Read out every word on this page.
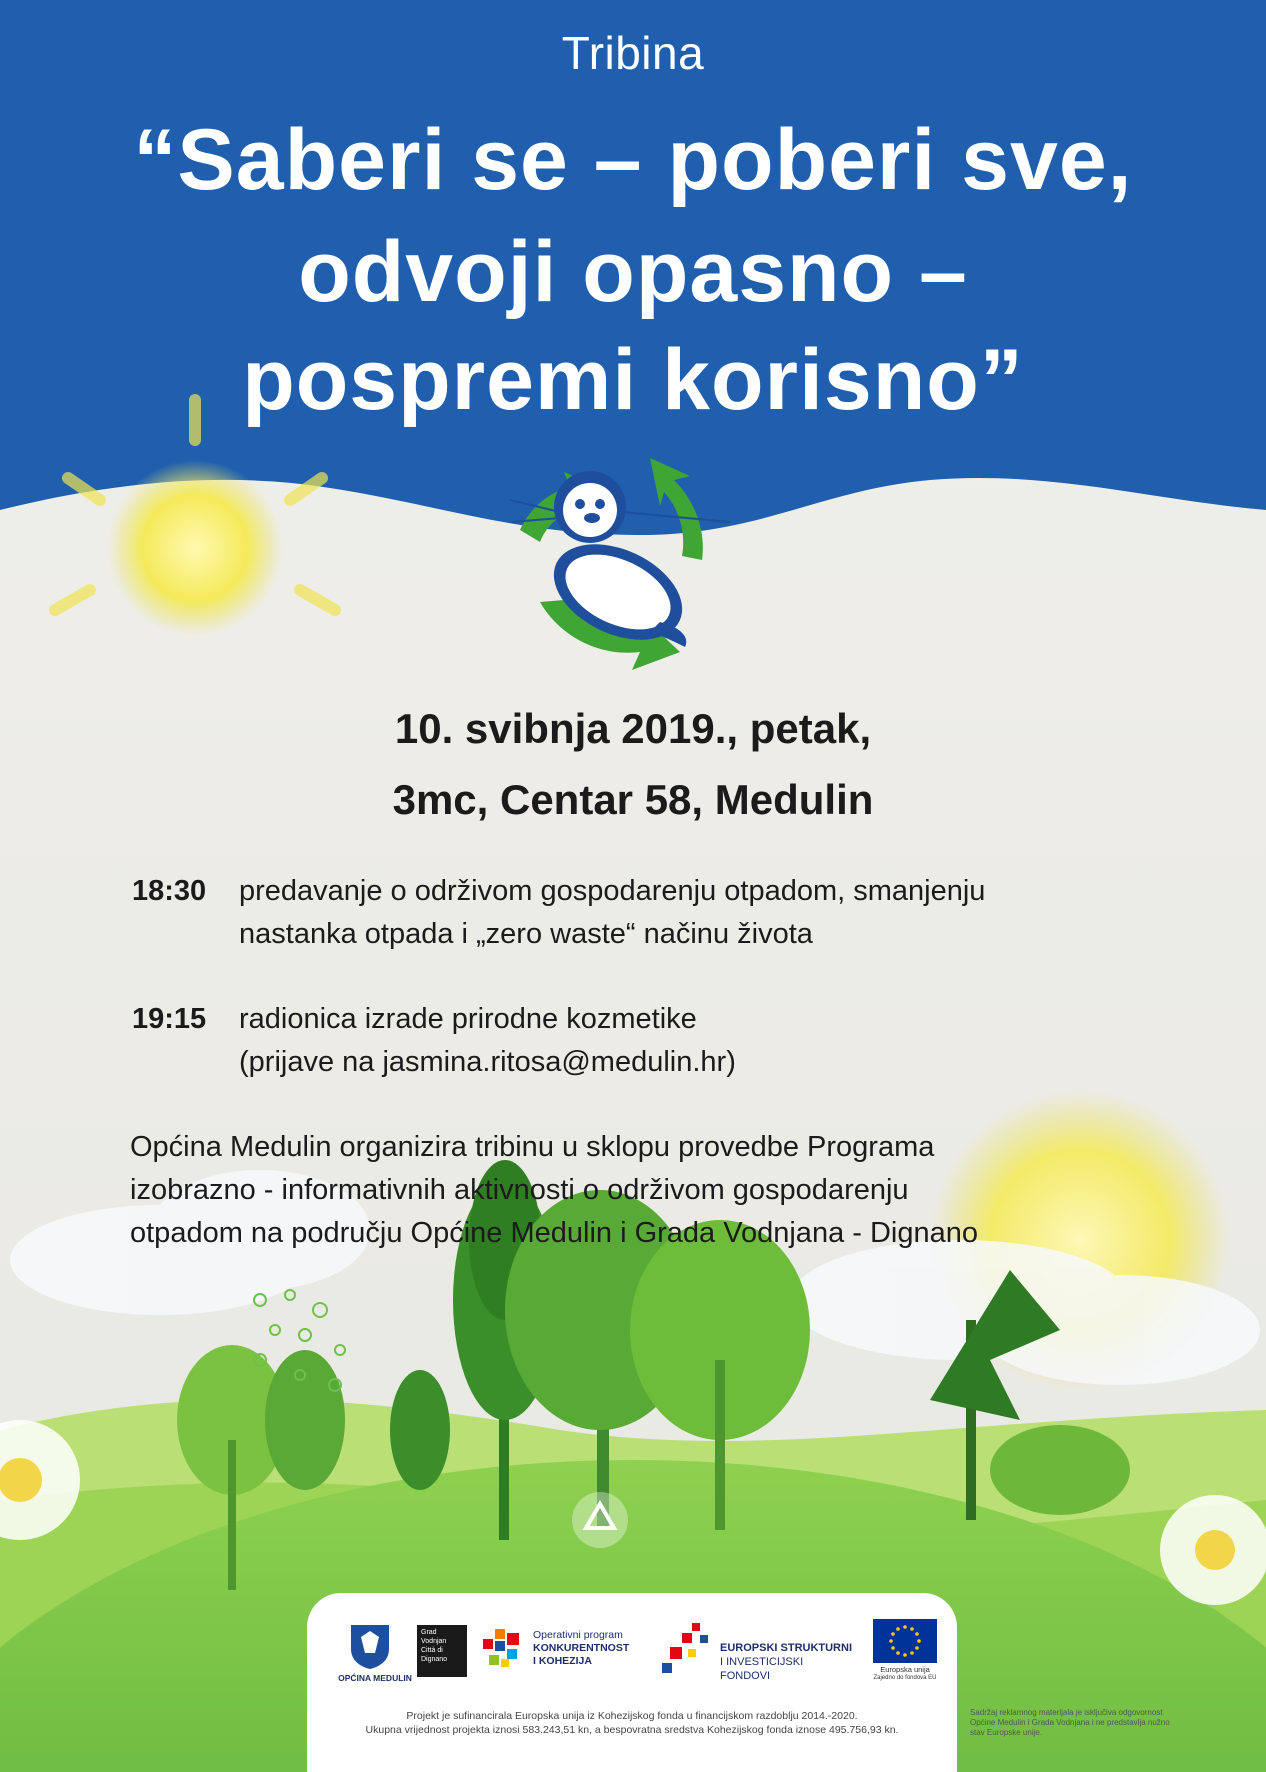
Tribina
“Saberi se – poberi sve,
odvoji opasno –
pospremi korisno”
10. svibnja 2019., petak,
3mc, Centar 58, Medulin
18:30	predavanje o održivom gospodarenju otpadom, smanjenju
nastanka otpada i „zero waste“ načinu života
19:15	radionica izrade prirodne kozmetike
(prijave na jasmina.ritosa@medulin.hr)
Općina Medulin organizira tribinu u sklopu provedbe Programa
izobrazno - informativnih aktivnosti o održivom gospodarenju
otpadom na području Općine Medulin i Grada Vodnjana - Dignano
OPĆINA MEDULIN
Grad
Vodnjan
Città di
Dignano
Operativni program
KONKURENTNOST
I KOHEZIJA
EUROPSKI STRUKTURNI
I INVESTICIJSKI FONDOVI
Europska unija
Zajedno do fondova EU
Projekt je sufinancirala Europska unija iz Kohezijskog fonda u financijskom razdoblju 2014.-2020.
Ukupna vrijednost projekta iznosi 583.243,51 kn, a bespovratna sredstva Kohezijskog fonda iznose 495.756,93 kn.
Sadržaj reklamnog materijala je isključiva odgovornost Općine Medulin i Grada Vodnjana i ne predstavlja nužno stav Europske unije.
